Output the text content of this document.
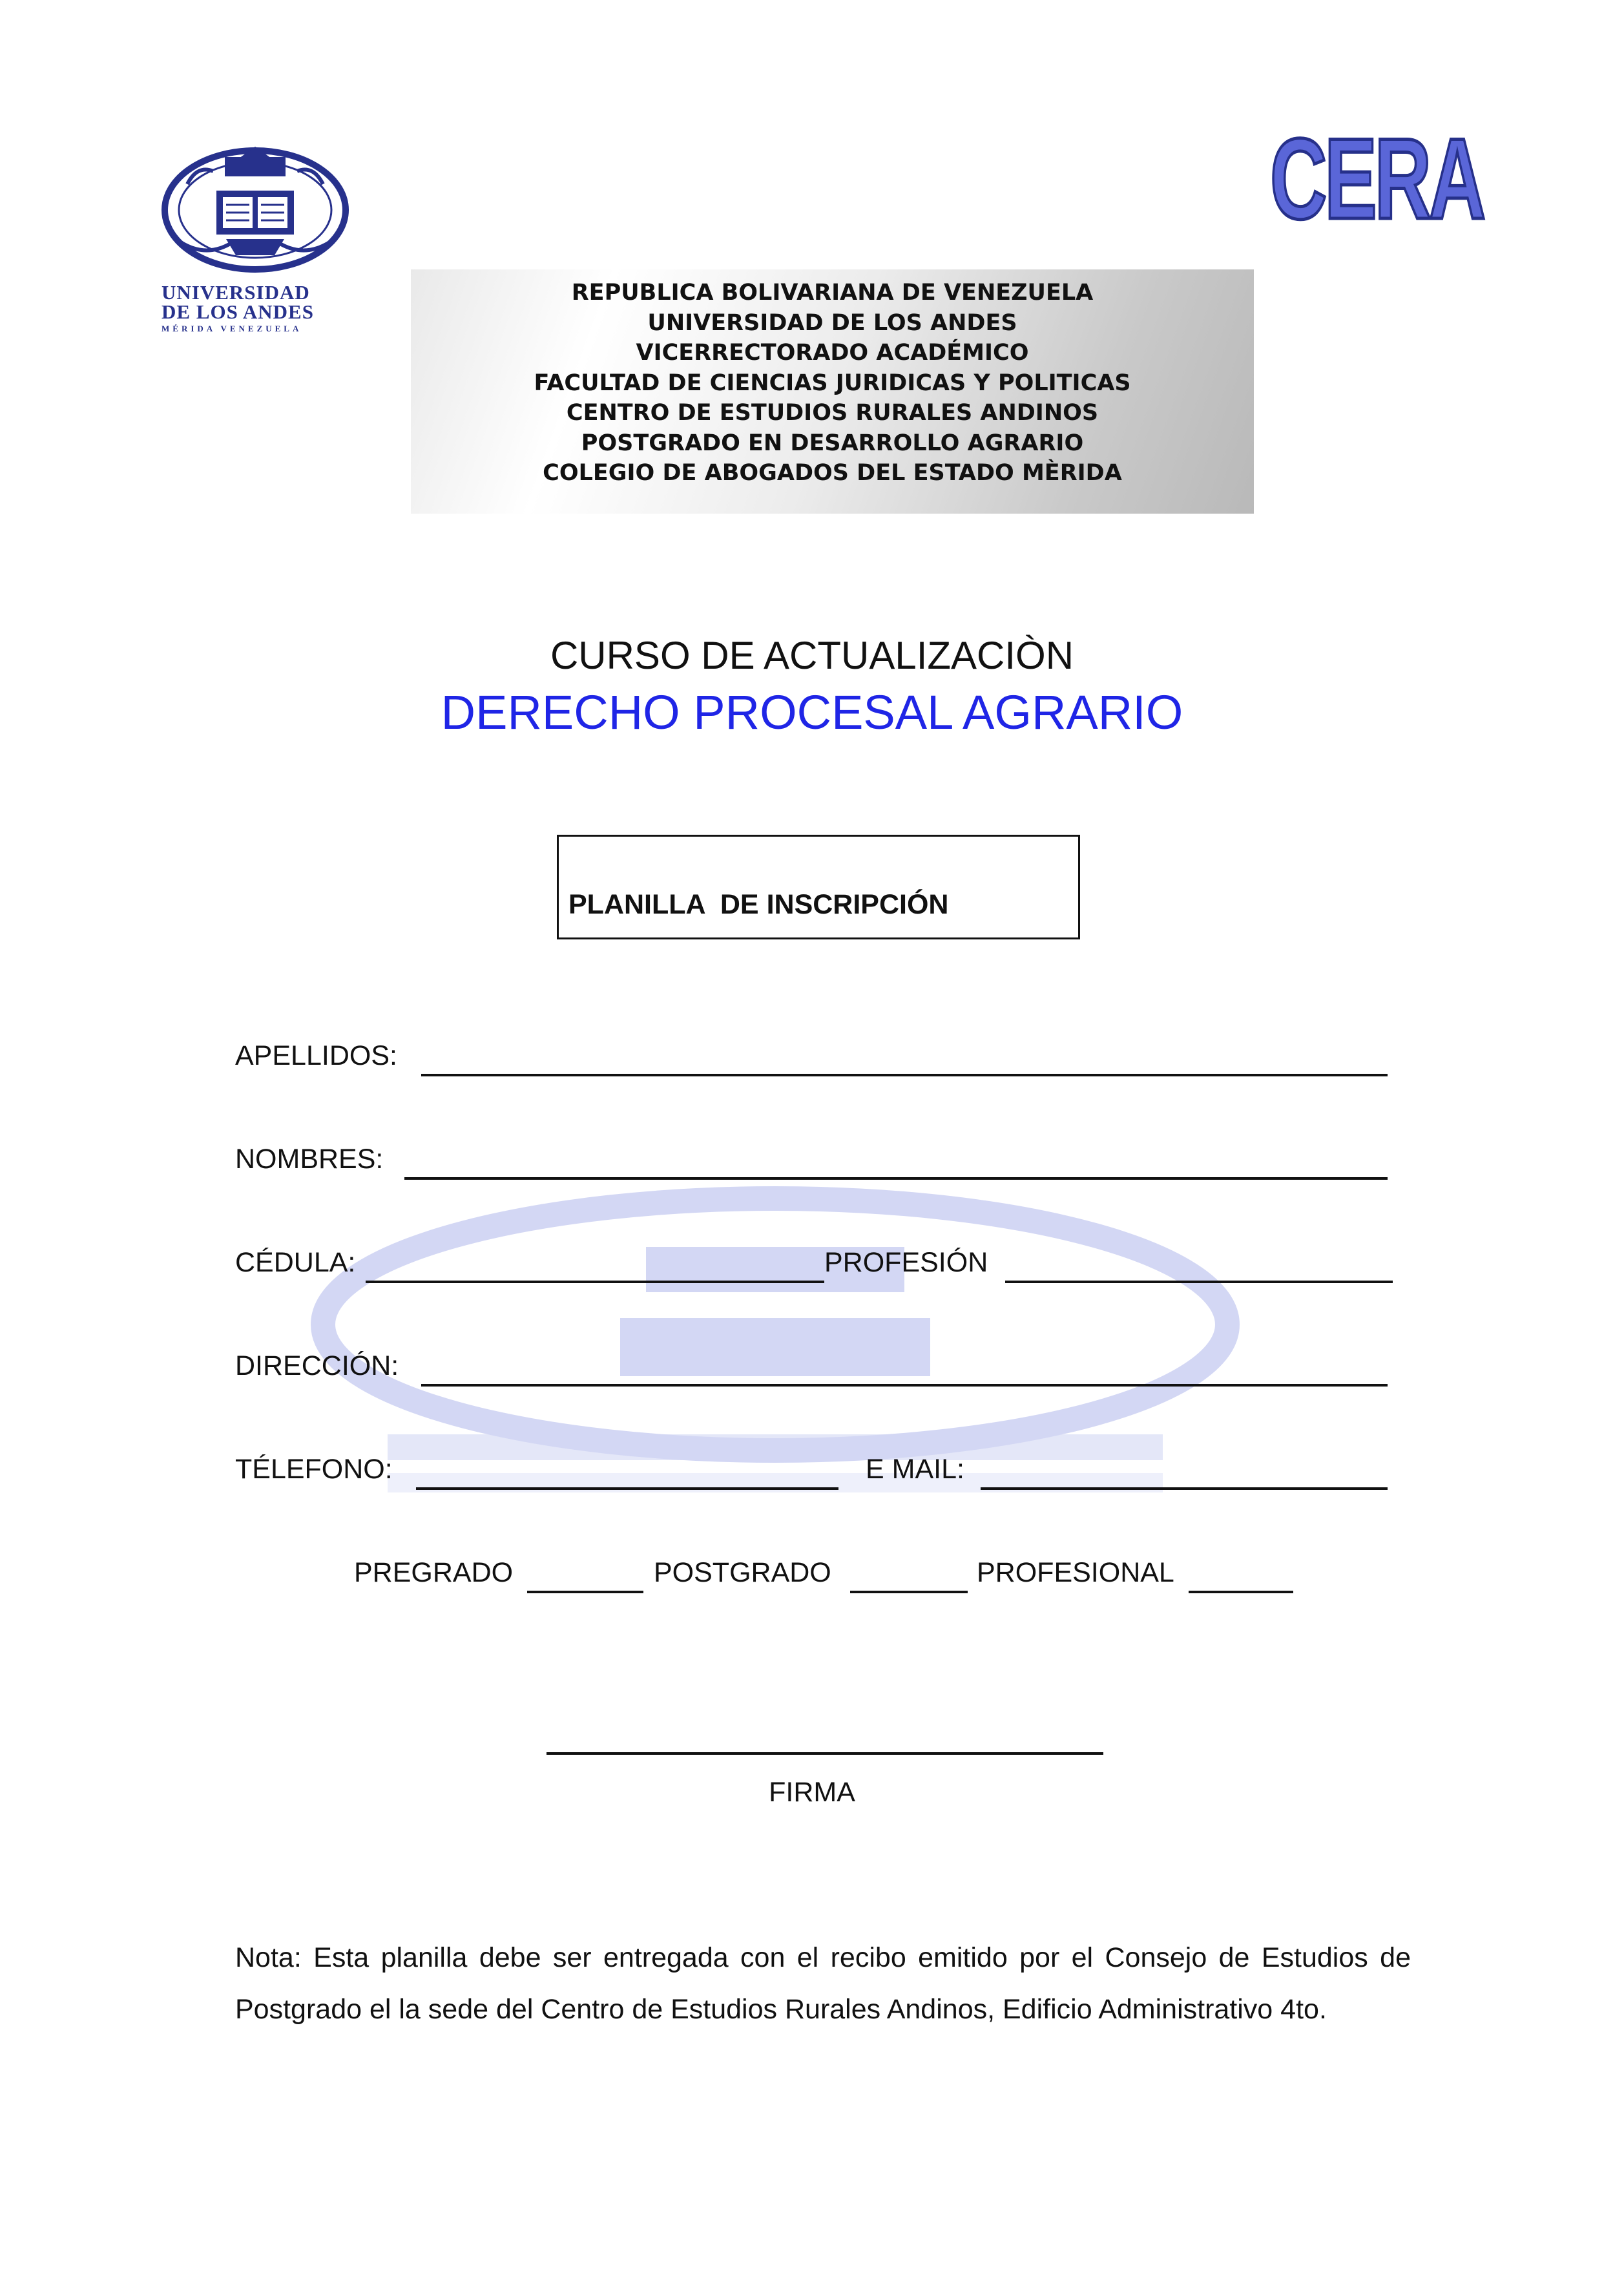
UNIVERSIDAD
DE LOS ANDES
MÉRIDA VENEZUELA
CERA
REPUBLICA BOLIVARIANA DE VENEZUELA
UNIVERSIDAD DE LOS ANDES
VICERRECTORADO ACADÉMICO
FACULTAD DE CIENCIAS JURIDICAS Y POLITICAS
CENTRO DE ESTUDIOS RURALES ANDINOS
POSTGRADO EN DESARROLLO AGRARIO
COLEGIO DE ABOGADOS DEL ESTADO MÈRIDA
CURSO DE ACTUALIZACIÒN
DERECHO PROCESAL AGRARIO
PLANILLA  DE INSCRIPCIÓN
APELLIDOS:
NOMBRES:
CÉDULA:	PROFESIÓN
DIRECCIÓN:
TÉLEFONO:	E MAIL:
PREGRADO	POSTGRADO	PROFESIONAL
FIRMA
Nota: Esta planilla debe ser entregada con el recibo emitido por el Consejo de Estudios de Postgrado el la sede del Centro de Estudios Rurales Andinos, Edificio Administrativo 4to.
